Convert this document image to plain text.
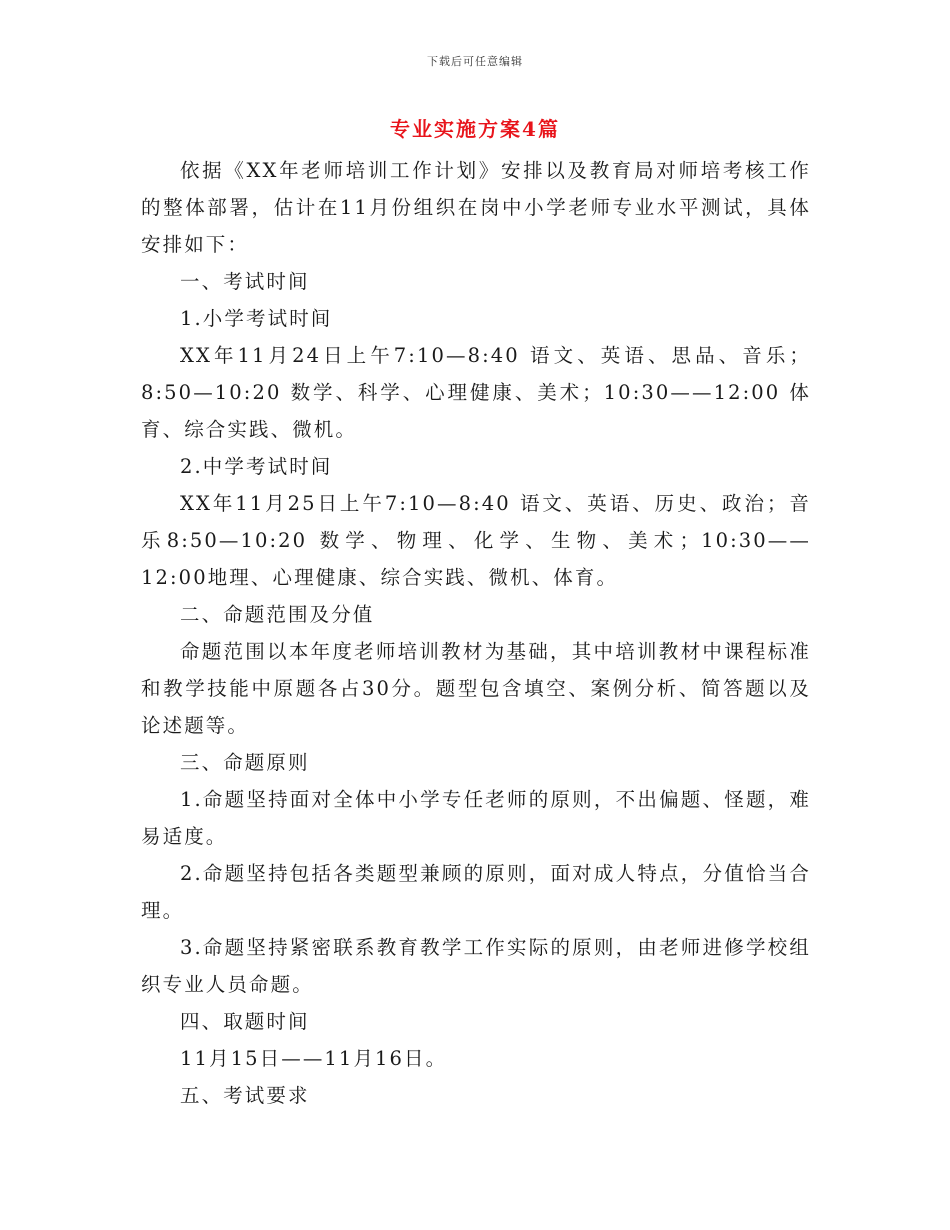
下载后可任意编辑
专业实施方案4篇

依据《XX年老师培训工作计划》安排以及教育局对师培考核工作的整体部署，估计在11月份组织在岗中小学老师专业水平测试，具体安排如下：

一、考试时间

1.小学考试时间

XX年11月24日上午7:10—8:40 语文、英语、思品、音乐；8:50—10:20 数学、科学、心理健康、美术；10:30——12:00 体育、综合实践、微机。

2.中学考试时间

XX年11月25日上午7:10—8:40 语文、英语、历史、政治；音乐8:50—10:20 数学、物理、化学、生物、美术；10:30——12:00地理、心理健康、综合实践、微机、体育。

二、命题范围及分值

命题范围以本年度老师培训教材为基础，其中培训教材中课程标准和教学技能中原题各占30分。题型包含填空、案例分析、简答题以及论述题等。

三、命题原则

1.命题坚持面对全体中小学专任老师的原则，不出偏题、怪题，难易适度。

2.命题坚持包括各类题型兼顾的原则，面对成人特点，分值恰当合理。

3.命题坚持紧密联系教育教学工作实际的原则，由老师进修学校组织专业人员命题。

四、取题时间

11月15日——11月16日。

五、考试要求
